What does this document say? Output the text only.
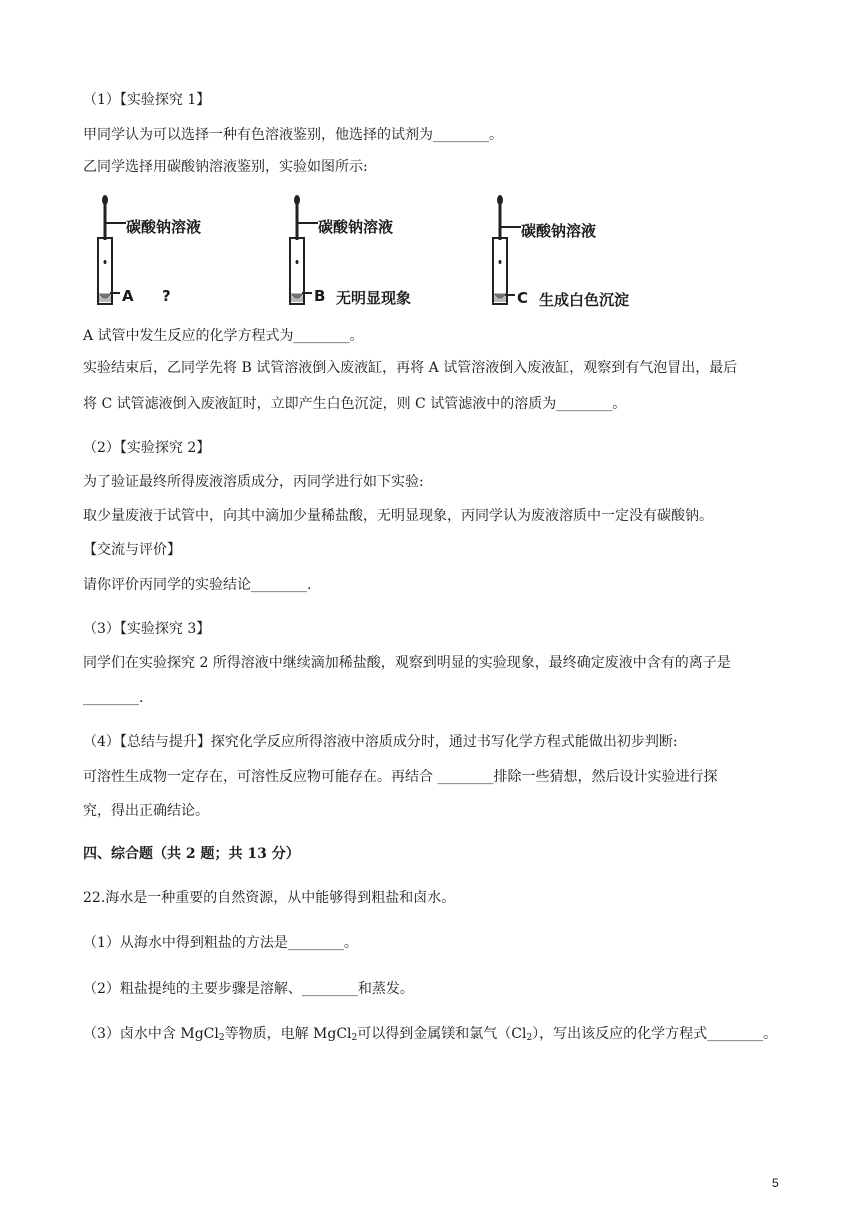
（1）【实验探究 1】
甲同学认为可以选择一种有色溶液鉴别，他选择的试剂为________。
乙同学选择用碳酸钠溶液鉴别，实验如图所示:
碳酸钠溶液
A ?
碳酸钠溶液
B 无明显现象
碳酸钠溶液
C 生成白色沉淀
A 试管中发生反应的化学方程式为________。
实验结束后，乙同学先将 B 试管溶液倒入废液缸，再将 A 试管溶液倒入废液缸，观察到有气泡冒出，最后
将 C 试管滤液倒入废液缸时，立即产生白色沉淀，则 C 试管滤液中的溶质为________。
（2）【实验探究 2】
为了验证最终所得废液溶质成分，丙同学进行如下实验:
取少量废液于试管中，向其中滴加少量稀盐酸，无明显现象，丙同学认为废液溶质中一定没有碳酸钠。
【交流与评价】
请你评价丙同学的实验结论________.
（3）【实验探究 3】
同学们在实验探究 2 所得溶液中继续滴加稀盐酸，观察到明显的实验现象，最终确定废液中含有的离子是
________.
（4）【总结与提升】探究化学反应所得溶液中溶质成分时，通过书写化学方程式能做出初步判断:
可溶性生成物一定存在，可溶性反应物可能存在。再结合 ________排除一些猜想，然后设计实验进行探
究，得出正确结论。
四、综合题（共 2 题；共 13 分）
22.海水是一种重要的自然资源，从中能够得到粗盐和卤水。
（1）从海水中得到粗盐的方法是________。
（2）粗盐提纯的主要步骤是溶解、________和蒸发。
（3）卤水中含 MgCl$_2$等物质，电解 MgCl$_2$可以得到金属镁和氯气$(Cl_2)$，写出该反应的化学方程式________。
5
